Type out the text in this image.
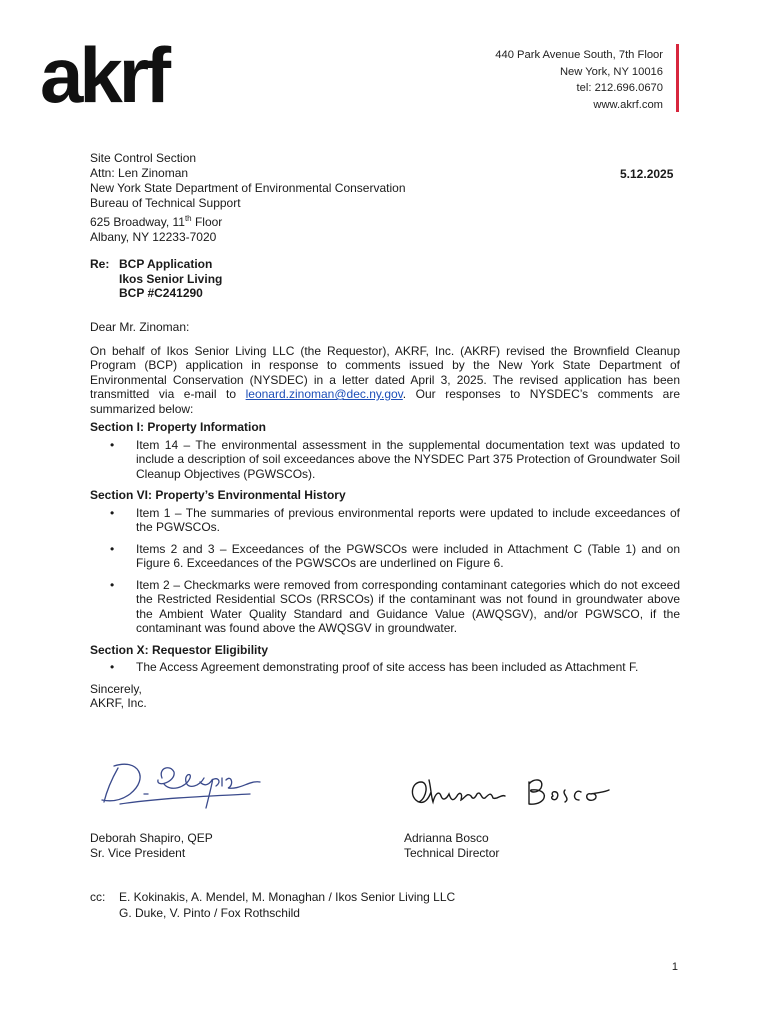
akrf	440 Park Avenue South, 7th Floor
New York, NY 10016
tel: 212.696.0670
www.akrf.com
Site Control Section
Attn: Len Zinoman
New York State Department of Environmental Conservation
Bureau of Technical Support
625 Broadway, 11th Floor
Albany, NY 12233-7020
5.12.2025
Re: BCP Application
Ikos Senior Living
BCP #C241290

Dear Mr. Zinoman:

On behalf of Ikos Senior Living LLC (the Requestor), AKRF, Inc. (AKRF) revised the Brownfield Cleanup Program (BCP) application in response to comments issued by the New York State Department of Environmental Conservation (NYSDEC) in a letter dated April 3, 2025. The revised application has been transmitted via e-mail to leonard.zinoman@dec.ny.gov. Our responses to NYSDEC’s comments are summarized below:

Section I: Property Information

• Item 14 – The environmental assessment in the supplemental documentation text was updated to include a description of soil exceedances above the NYSDEC Part 375 Protection of Groundwater Soil Cleanup Objectives (PGWSCOs).

Section VI: Property’s Environmental History

• Item 1 – The summaries of previous environmental reports were updated to include exceedances of the PGWSCOs.
• Items 2 and 3 – Exceedances of the PGWSCOs were included in Attachment C (Table 1) and on Figure 6. Exceedances of the PGWSCOs are underlined on Figure 6.
• Item 2 – Checkmarks were removed from corresponding contaminant categories which do not exceed the Restricted Residential SCOs (RRSCOs) if the contaminant was not found in groundwater above the Ambient Water Quality Standard and Guidance Value (AWQSGV), and/or PGWSCO, if the contaminant was found above the AWQSGV in groundwater.

Section X: Requestor Eligibility

• The Access Agreement demonstrating proof of site access has been included as Attachment F.

Sincerely,

AKRF, Inc.

Deborah Shapiro, QEP
Sr. Vice President
Adrianna Bosco
Technical Director
cc: E. Kokinakis, A. Mendel, M. Monaghan / Ikos Senior Living LLC
G. Duke, V. Pinto / Fox Rothschild
1
